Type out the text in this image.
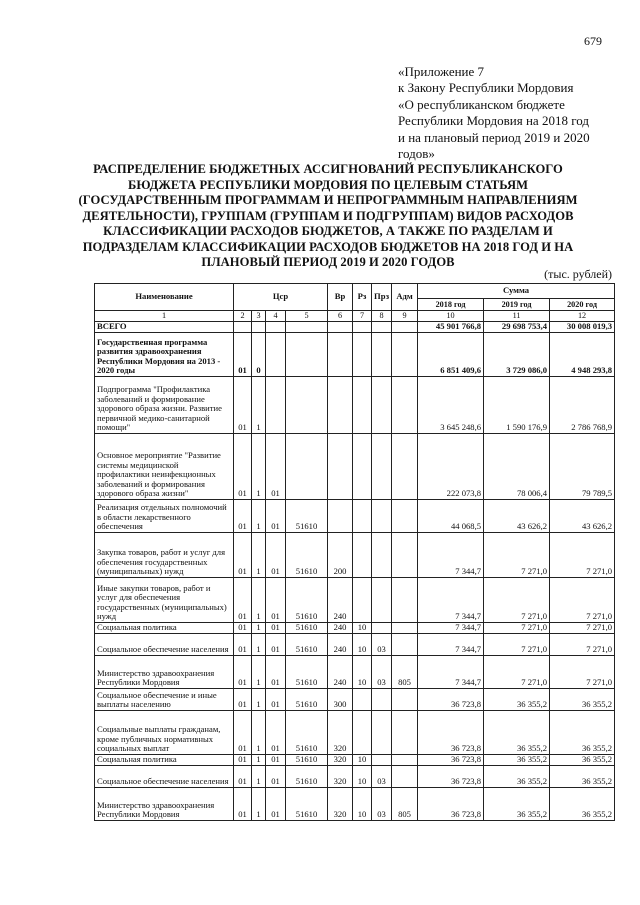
679
«Приложение 7
к Закону Республики Мордовия
«О республиканском бюджете
Республики Мордовия на 2018 год
и на плановый период 2019 и 2020
годов»
РАСПРЕДЕЛЕНИЕ БЮДЖЕТНЫХ АССИГНОВАНИЙ РЕСПУБЛИКАНСКОГО
БЮДЖЕТА РЕСПУБЛИКИ МОРДОВИЯ ПО ЦЕЛЕВЫМ СТАТЬЯМ
(ГОСУДАРСТВЕННЫМ ПРОГРАММАМ И НЕПРОГРАММНЫМ НАПРАВЛЕНИЯМ
ДЕЯТЕЛЬНОСТИ), ГРУППАМ (ГРУППАМ И ПОДГРУППАМ) ВИДОВ РАСХОДОВ
КЛАССИФИКАЦИИ РАСХОДОВ БЮДЖЕТОВ, А ТАКЖЕ ПО РАЗДЕЛАМ И
ПОДРАЗДЕЛАМ КЛАССИФИКАЦИИ РАСХОДОВ БЮДЖЕТОВ НА 2018 ГОД И НА
ПЛАНОВЫЙ ПЕРИОД 2019 И 2020 ГОДОВ
(тыс. рублей)
Наименование	Цср				Вр	Рз	Прз	Адм	Сумма		
									2018 год	2019 год	2020 год
1	2	3	4	5	6	7	8	9	10	11	12
ВСЕГО									45 901 766,8	29 698 753,4	30 008 019,3
Государственная программа развития здравоохранения Республики Мордовия на 2013 - 2020 годы	01	0							6 851 409,6	3 729 086,0	4 948 293,8
Подпрограмма "Профилактика заболеваний и формирование здорового образа жизни. Развитие первичной медико-санитарной помощи"	01	1							3 645 248,6	1 590 176,9	2 786 768,9
Основное мероприятие "Развитие системы медицинской профилактики неинфекционных заболеваний и формирования здорового образа жизни"	01	1	01						222 073,8	78 006,4	79 789,5
Реализация отдельных полномочий в области лекарственного обеспечения	01	1	01	51610					44 068,5	43 626,2	43 626,2
Закупка товаров, работ и услуг для обеспечения государственных (муниципальных) нужд	01	1	01	51610	200				7 344,7	7 271,0	7 271,0
Иные закупки товаров, работ и услуг для обеспечения государственных (муниципальных) нужд	01	1	01	51610	240				7 344,7	7 271,0	7 271,0
Социальная политика	01	1	01	51610	240	10			7 344,7	7 271,0	7 271,0
Социальное обеспечение населения	01	1	01	51610	240	10	03		7 344,7	7 271,0	7 271,0
Министерство здравоохранения Республики Мордовия	01	1	01	51610	240	10	03	805	7 344,7	7 271,0	7 271,0
Социальное обеспечение и иные выплаты населению	01	1	01	51610	300				36 723,8	36 355,2	36 355,2
Социальные выплаты гражданам, кроме публичных нормативных социальных выплат	01	1	01	51610	320				36 723,8	36 355,2	36 355,2
Социальная политика	01	1	01	51610	320	10			36 723,8	36 355,2	36 355,2
Социальное обеспечение населения	01	1	01	51610	320	10	03		36 723,8	36 355,2	36 355,2
Министерство здравоохранения Республики Мордовия	01	1	01	51610	320	10	03	805	36 723,8	36 355,2	36 355,2
